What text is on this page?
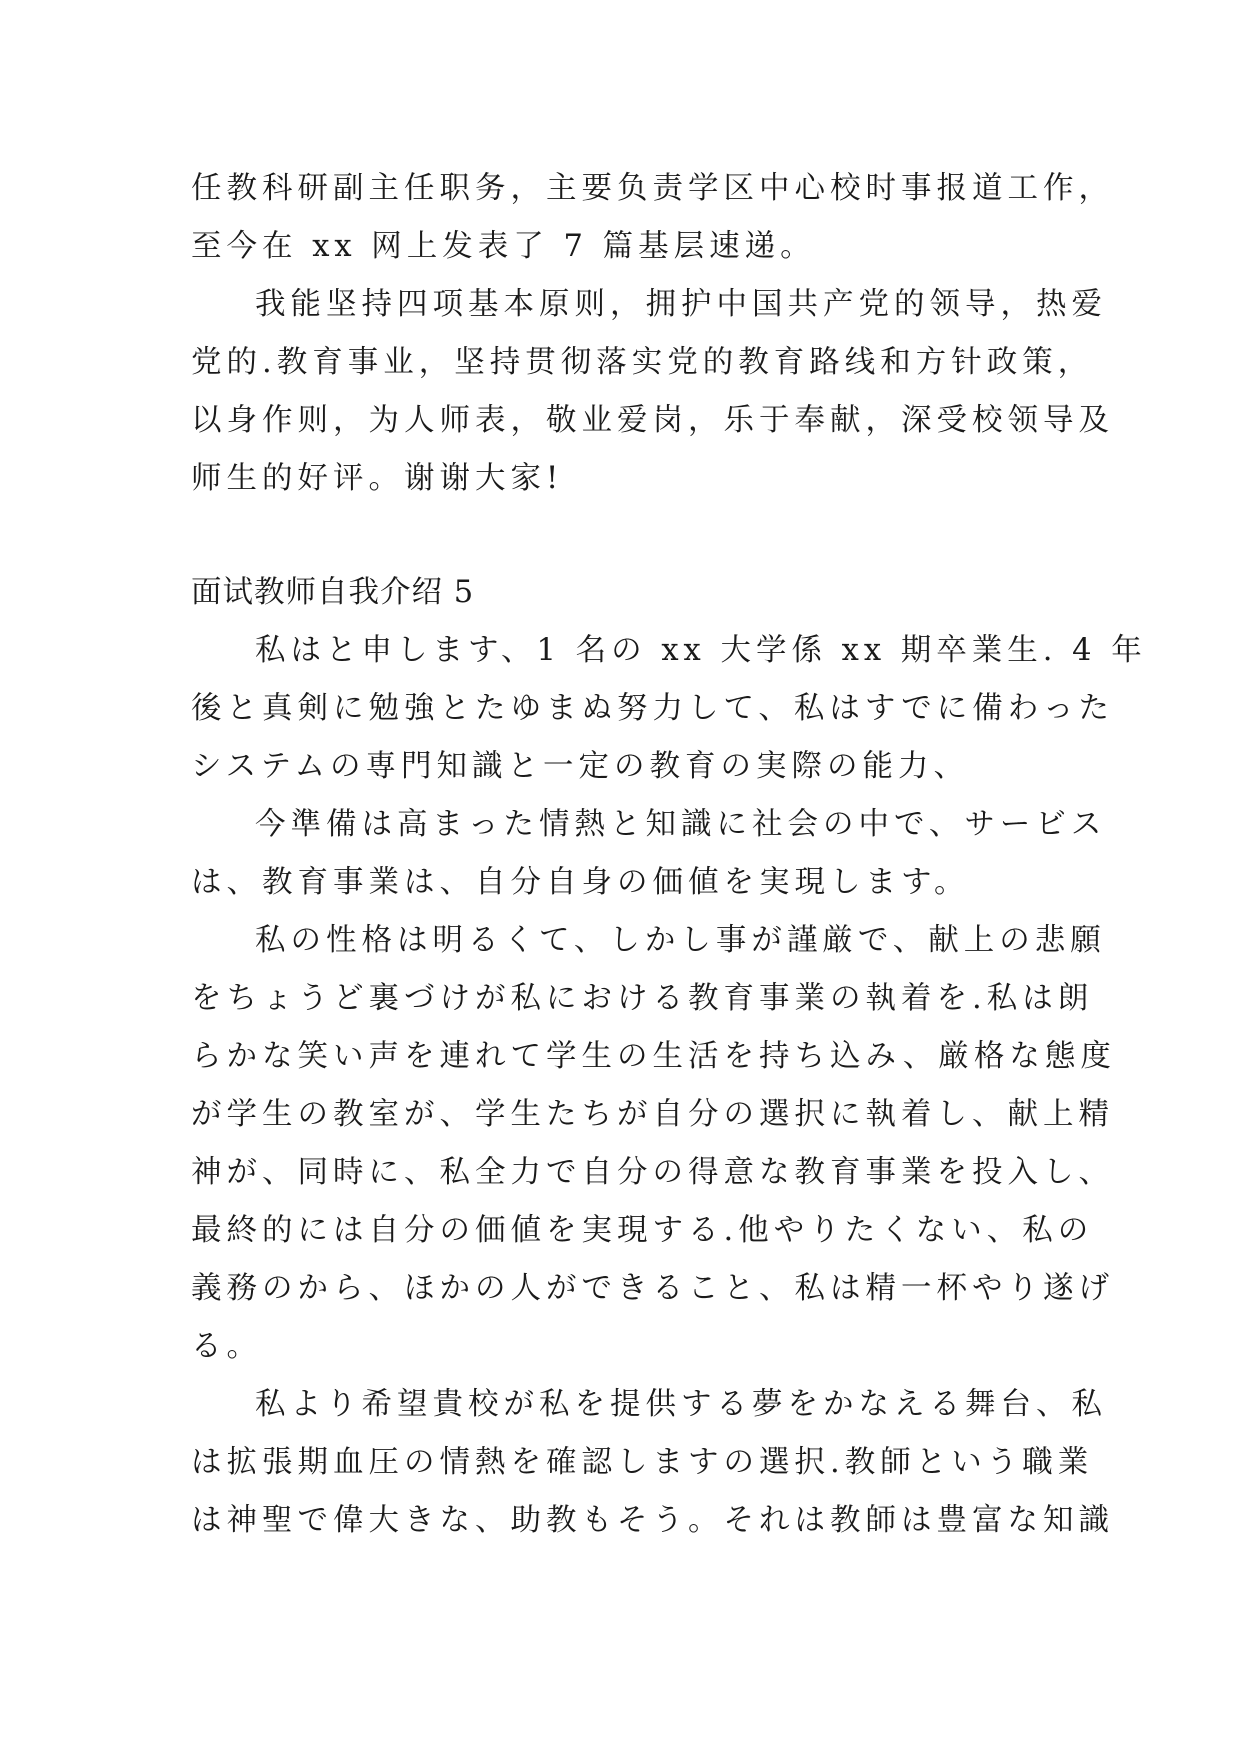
任教科研副主任职务，主要负责学区中心校时事报道工作，
至今在 xx 网上发表了 7 篇基层速递。

我能坚持四项基本原则，拥护中国共产党的领导，热爱
党的.教育事业，坚持贯彻落实党的教育路线和方针政策，
以身作则，为人师表，敬业爱岗，乐于奉献，深受校领导及
师生的好评。谢谢大家!

面试教师自我介绍 5

私はと申します、1 名の xx 大学係 xx 期卒業生. 4 年
後と真剣に勉強とたゆまぬ努力して、私はすでに備わった
システムの専門知識と一定の教育の実際の能力、

今準備は高まった情熱と知識に社会の中で、サービス
は、教育事業は、自分自身の価値を実現します。

私の性格は明るくて、しかし事が謹厳で、献上の悲願
をちょうど裏づけが私における教育事業の執着を.私は朗
らかな笑い声を連れて学生の生活を持ち込み、厳格な態度
が学生の教室が、学生たちが自分の選択に執着し、献上精
神が、同時に、私全力で自分の得意な教育事業を投入し、
最終的には自分の価値を実現する.他やりたくない、私の
義務のから、ほかの人ができること、私は精一杯やり遂げ
る。

私より希望貴校が私を提供する夢をかなえる舞台、私
は拡張期血圧の情熱を確認しますの選択.教師という職業
は神聖で偉大きな、助教もそう。それは教師は豊富な知識
